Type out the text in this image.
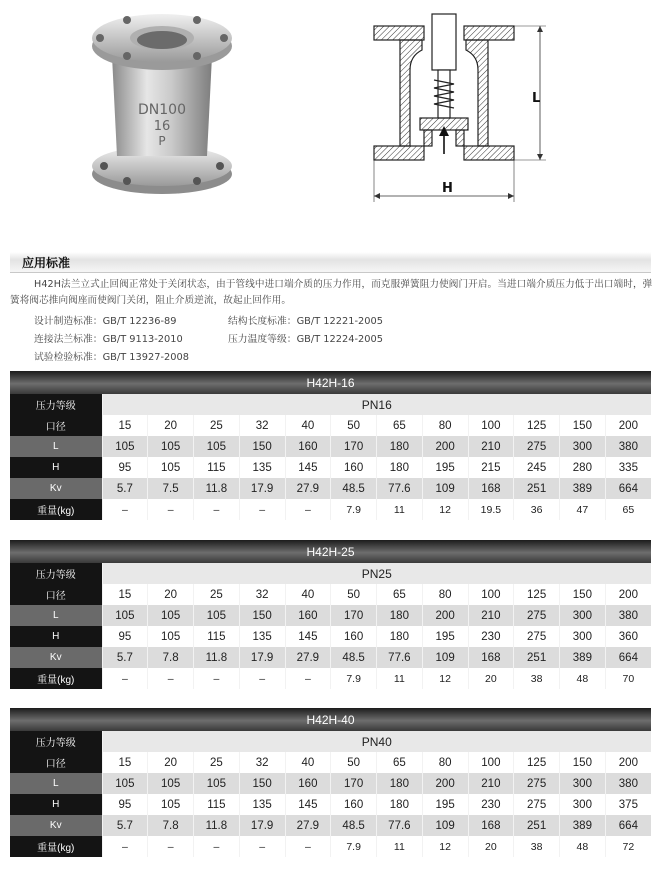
DN100
16
P
L
H
应用标准
H42H法兰立式止回阀正常处于关闭状态，由于管线中进口端介质的压力作用，而克服弹簧阻力使阀门开启。当进口端介质压力低于出口端时，弹簧将阀芯推向阀座而使阀门关闭，阻止介质逆流，故起止回作用。
设计制造标准：GB/T 12236-89	结构长度标准：GB/T 12221-2005
连接法兰标准：GB/T 9113-2010	压力温度等级：GB/T 12224-2005
试验检验标准：GB/T 13927-2008
H42H-16												
压力等级	PN16											
口径	15	20	25	32	40	50	65	80	100	125	150	200
L	105	105	105	150	160	170	180	200	210	275	300	380
H	95	105	115	135	145	160	180	195	215	245	280	335
Kv	5.7	7.5	11.8	17.9	27.9	48.5	77.6	109	168	251	389	664
重量(kg)	–	–	–	–	–	7.9	11	12	19.5	36	47	65
H42H-25												
压力等级	PN25											
口径	15	20	25	32	40	50	65	80	100	125	150	200
L	105	105	105	150	160	170	180	200	210	275	300	380
H	95	105	115	135	145	160	180	195	230	275	300	360
Kv	5.7	7.8	11.8	17.9	27.9	48.5	77.6	109	168	251	389	664
重量(kg)	–	–	–	–	–	7.9	11	12	20	38	48	70
H42H-40												
压力等级	PN40											
口径	15	20	25	32	40	50	65	80	100	125	150	200
L	105	105	105	150	160	170	180	200	210	275	300	380
H	95	105	115	135	145	160	180	195	230	275	300	375
Kv	5.7	7.8	11.8	17.9	27.9	48.5	77.6	109	168	251	389	664
重量(kg)	–	–	–	–	–	7.9	11	12	20	38	48	72
